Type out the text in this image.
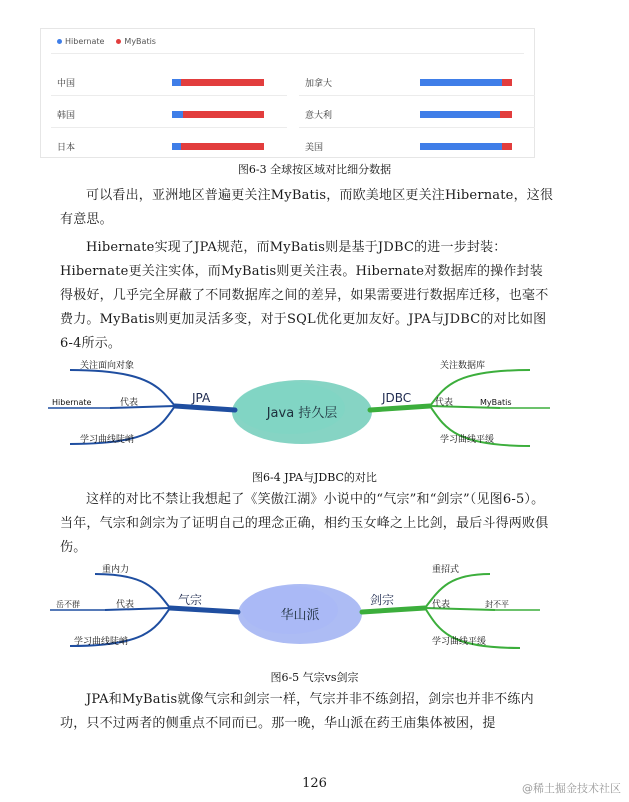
Hibernate	MyBatis
中国
韩国
日本
加拿大
意大利
美国
图6-3 全球按区域对比细分数据

可以看出，亚洲地区普遍更关注MyBatis，而欧美地区更关注Hibernate，这很有意思。

Hibernate实现了JPA规范，而MyBatis则是基于JDBC的进一步封装：Hibernate更关注实体，而MyBatis则更关注表。Hibernate对数据库的操作封装得极好，几乎完全屏蔽了不同数据库之间的差异，如果需要进行数据库迁移，也毫不费力。MyBatis则更加灵活多变，对于SQL优化更加友好。JPA与JDBC的对比如图6-4所示。

Java 持久层
JPA
关注面向对象
代表
Hibernate
学习曲线陡峭
JDBC
关注数据库
代表	MyBatis
学习曲线平缓
图6-4 JPA与JDBC的对比

这样的对比不禁让我想起了《笑傲江湖》小说中的“气宗”和“剑宗”（见图6-5）。当年，气宗和剑宗为了证明自己的理念正确，相约玉女峰之上比剑，最后斗得两败俱伤。

华山派
气宗
重内力
代表
岳不群
学习曲线陡峭
剑宗
重招式
代表	封不平
学习曲线平缓
图6-5 气宗vs剑宗

JPA和MyBatis就像气宗和剑宗一样，气宗并非不练剑招，剑宗也并非不练内功，只不过两者的侧重点不同而已。那一晚，华山派在药王庙集体被困，提

126	@稀土掘金技术社区
